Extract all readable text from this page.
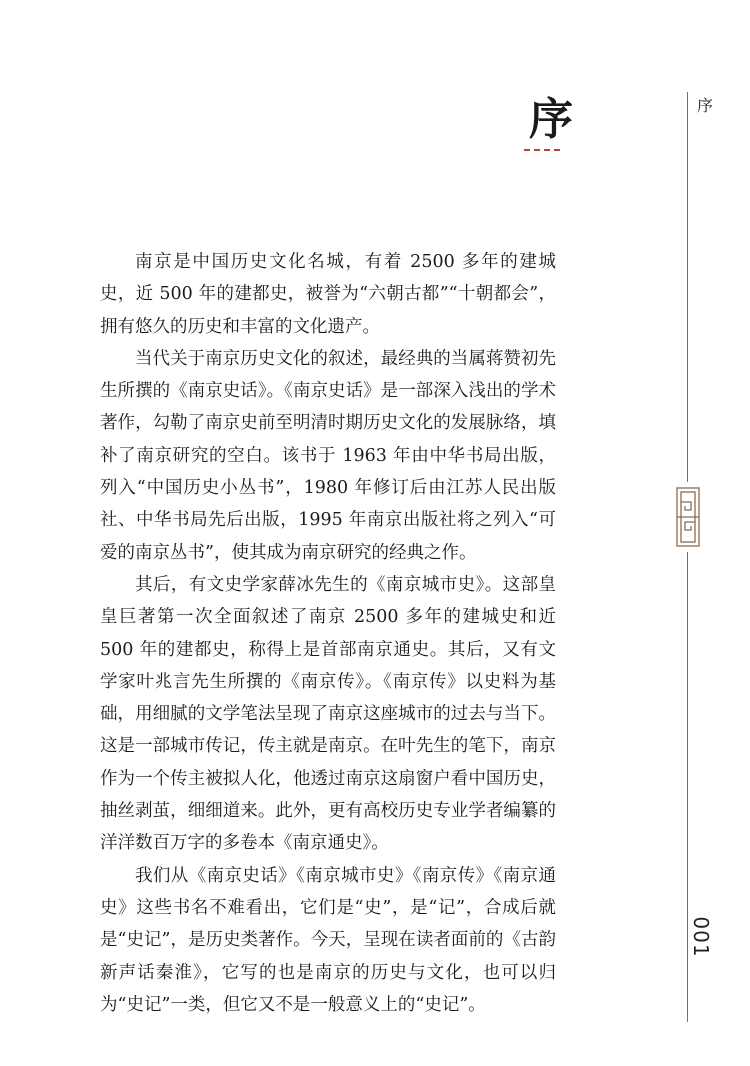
序	序
001

南京是中国历史文化名城，有着 2500 多年的建城史，近 500 年的建都史，被誉为“六朝古都”“十朝都会”，拥有悠久的历史和丰富的文化遗产。

当代关于南京历史文化的叙述，最经典的当属蒋赞初先生所撰的《南京史话》。《南京史话》是一部深入浅出的学术著作，勾勒了南京史前至明清时期历史文化的发展脉络，填补了南京研究的空白。该书于 1963 年由中华书局出版，列入“中国历史小丛书”，1980 年修订后由江苏人民出版社、中华书局先后出版，1995 年南京出版社将之列入“可爱的南京丛书”，使其成为南京研究的经典之作。

其后，有文史学家薛冰先生的《南京城市史》。这部皇皇巨著第一次全面叙述了南京 2500 多年的建城史和近 500 年的建都史，称得上是首部南京通史。其后，又有文学家叶兆言先生所撰的《南京传》。《南京传》以史料为基础，用细腻的文学笔法呈现了南京这座城市的过去与当下。这是一部城市传记，传主就是南京。在叶先生的笔下，南京作为一个传主被拟人化，他透过南京这扇窗户看中国历史，抽丝剥茧，细细道来。此外，更有高校历史专业学者编纂的洋洋数百万字的多卷本《南京通史》。

我们从《南京史话》《南京城市史》《南京传》《南京通史》这些书名不难看出，它们是“史”，是“记”，合成后就是“史记”，是历史类著作。今天，呈现在读者面前的《古韵新声话秦淮》，它写的也是南京的历史与文化，也可以归为“史记”一类，但它又不是一般意义上的“史记”。
